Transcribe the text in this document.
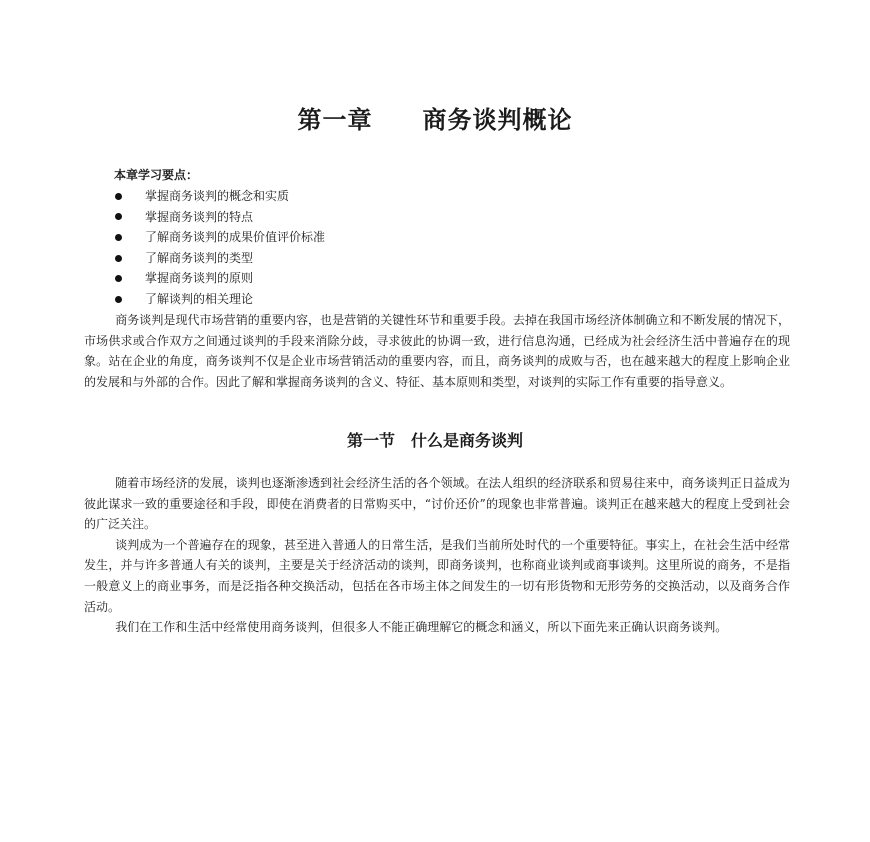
第一章　　商务谈判概论
本章学习要点：
掌握商务谈判的概念和实质
掌握商务谈判的特点
了解商务谈判的成果价值评价标准
了解商务谈判的类型
掌握商务谈判的原则
了解谈判的相关理论

商务谈判是现代市场营销的重要内容，也是营销的关键性环节和重要手段。去掉在我国市场经济体制确立和不断发展的情况下，市场供求或合作双方之间通过谈判的手段来消除分歧，寻求彼此的协调一致，进行信息沟通，已经成为社会经济生活中普遍存在的现象。站在企业的角度，商务谈判不仅是企业市场营销活动的重要内容，而且，商务谈判的成败与否，也在越来越大的程度上影响企业的发展和与外部的合作。因此了解和掌握商务谈判的含义、特征、基本原则和类型，对谈判的实际工作有重要的指导意义。

第一节　什么是商务谈判

随着市场经济的发展，谈判也逐渐渗透到社会经济生活的各个领域。在法人组织的经济联系和贸易往来中，商务谈判正日益成为彼此谋求一致的重要途径和手段，即使在消费者的日常购买中，“讨价还价”的现象也非常普遍。谈判正在越来越大的程度上受到社会的广泛关注。

谈判成为一个普遍存在的现象，甚至进入普通人的日常生活，是我们当前所处时代的一个重要特征。事实上，在社会生活中经常发生，并与许多普通人有关的谈判，主要是关于经济活动的谈判，即商务谈判，也称商业谈判或商事谈判。这里所说的商务，不是指一般意义上的商业事务，而是泛指各种交换活动，包括在各市场主体之间发生的一切有形货物和无形劳务的交换活动，以及商务合作活动。

我们在工作和生活中经常使用商务谈判，但很多人不能正确理解它的概念和涵义，所以下面先来正确认识商务谈判。
